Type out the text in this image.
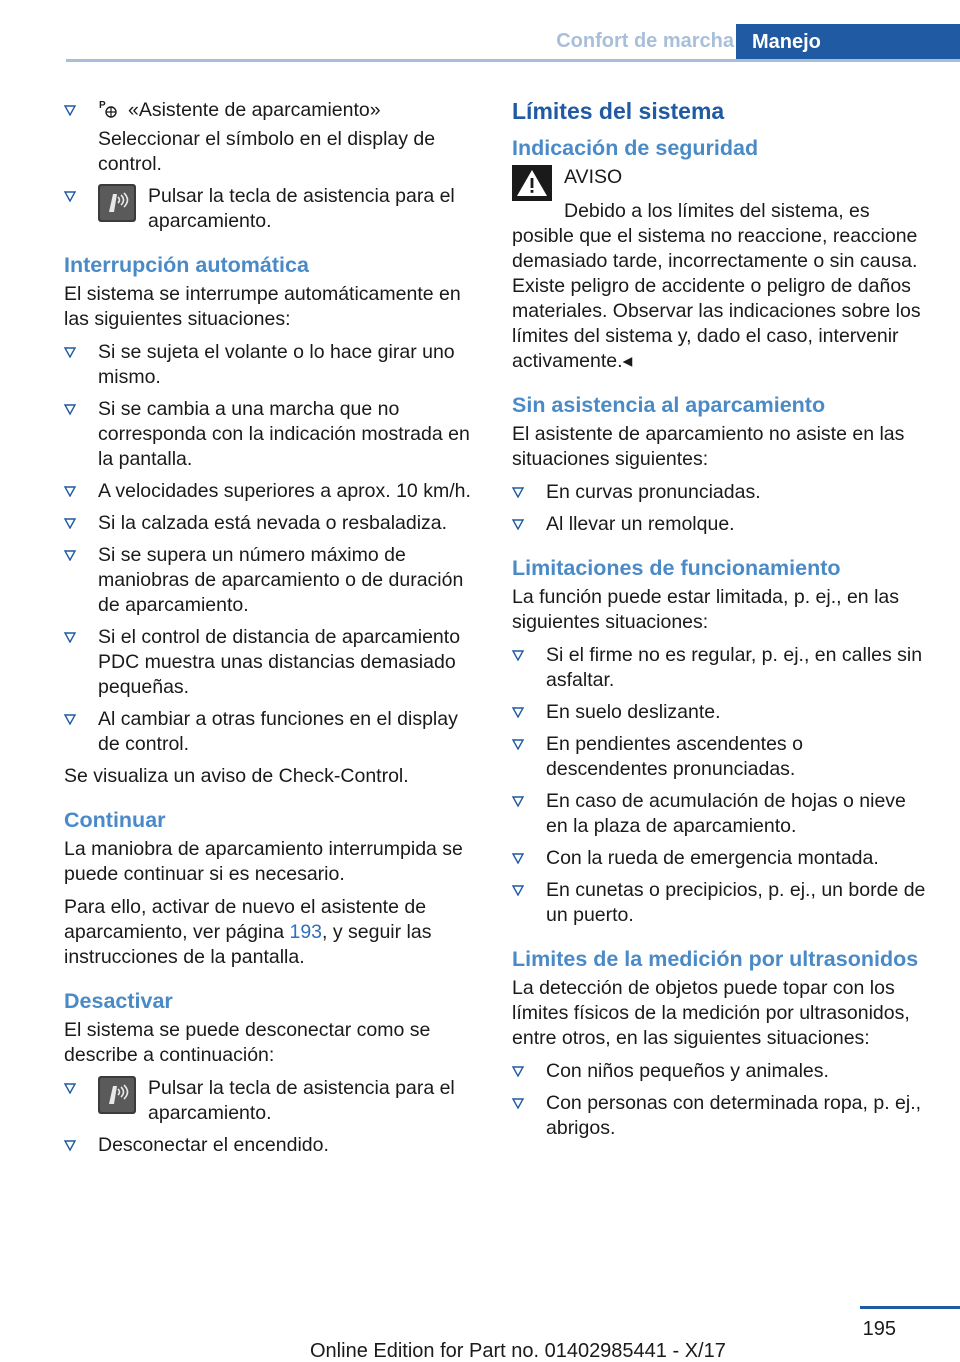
Confort de marcha Manejo
P «Asistente de aparcamiento» Seleccionar el símbolo en el display de control.
Pulsar la tecla de asistencia para el aparcamiento.
Interrupción automática
El sistema se interrumpe automáticamente en las siguientes situaciones:
Si se sujeta el volante o lo hace girar uno mismo.
Si se cambia a una marcha que no corresponda con la indicación mostrada en la pantalla.
A velocidades superiores a aprox. 10 km/h.
Si la calzada está nevada o resbaladiza.
Si se supera un número máximo de maniobras de aparcamiento o de duración de aparcamiento.
Si el control de distancia de aparcamiento PDC muestra unas distancias demasiado pequeñas.
Al cambiar a otras funciones en el display de control.
Se visualiza un aviso de Check-Control.
Continuar
La maniobra de aparcamiento interrumpida se puede continuar si es necesario.
Para ello, activar de nuevo el asistente de aparcamiento, ver página 193, y seguir las instrucciones de la pantalla.
Desactivar
El sistema se puede desconectar como se describe a continuación:
Pulsar la tecla de asistencia para el aparcamiento.
Desconectar el encendido.
Límites del sistema
Indicación de seguridad
AVISO
Debido a los límites del sistema, es posible que el sistema no reaccione, reaccione demasiado tarde, incorrectamente o sin causa. Existe peligro de accidente o peligro de daños materiales. Observar las indicaciones sobre los límites del sistema y, dado el caso, intervenir activamente.◂
Sin asistencia al aparcamiento
El asistente de aparcamiento no asiste en las situaciones siguientes:
En curvas pronunciadas.
Al llevar un remolque.
Limitaciones de funcionamiento
La función puede estar limitada, p. ej., en las siguientes situaciones:
Si el firme no es regular, p. ej., en calles sin asfaltar.
En suelo deslizante.
En pendientes ascendentes o descendentes pronunciadas.
En caso de acumulación de hojas o nieve en la plaza de aparcamiento.
Con la rueda de emergencia montada.
En cunetas o precipicios, p. ej., un borde de un puerto.
Limites de la medición por ultrasonidos
La detección de objetos puede topar con los límites físicos de la medición por ultrasonidos, entre otros, en las siguientes situaciones:
Con niños pequeños y animales.
Con personas con determinada ropa, p. ej., abrigos.
195
Online Edition for Part no. 01402985441 - X/17
